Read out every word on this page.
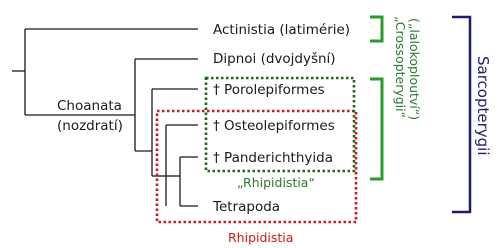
Actinistia (latimérie)
Dipnoi (dvojdyšní)
† Porolepiformes
† Osteolepiformes
† Panderichthyida
Tetrapoda
Choanata
(nozdratí)
Rhipidistia
„Rhipidistia“
„Crossopterygii“ („lalokoploutví“)	Sarcopterygii
